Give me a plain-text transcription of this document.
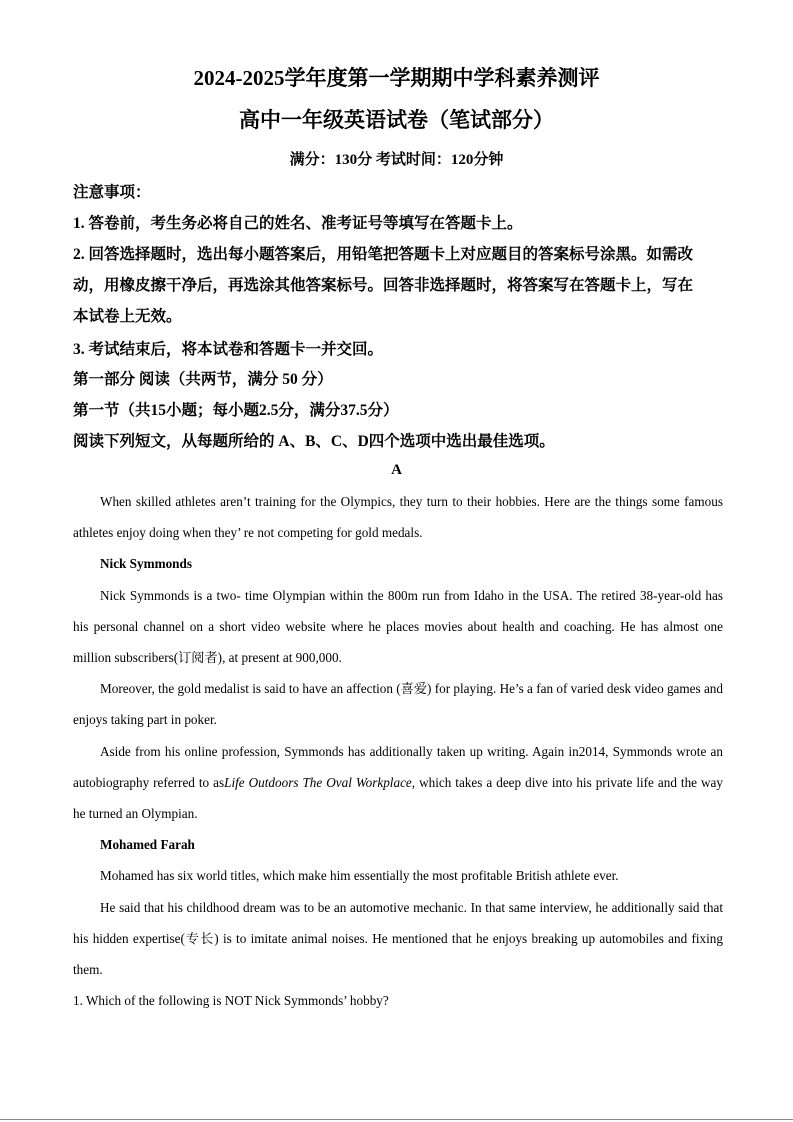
2024-2025学年度第一学期期中学科素养测评
高中一年级英语试卷（笔试部分）
满分：130分 考试时间：120分钟
注意事项：
1. 答卷前，考生务必将自己的姓名、准考证号等填写在答题卡上。
2. 回答选择题时，选出每小题答案后，用铅笔把答题卡上对应题目的答案标号涂黑。如需改
动，用橡皮擦干净后，再选涂其他答案标号。回答非选择题时，将答案写在答题卡上，写在
本试卷上无效。
3. 考试结束后，将本试卷和答题卡一并交回。
第一部分 阅读（共两节，满分 50 分）
第一节（共15小题；每小题2.5分，满分37.5分）
阅读下列短文，从每题所给的 A、B、C、D四个选项中选出最佳选项。
A

When skilled athletes aren’t training for the Olympics, they turn to their hobbies. Here are the things some famous athletes enjoy doing when they’ re not competing for gold medals.

Nick Symmonds

Nick Symmonds is a two- time Olympian within the 800m run from Idaho in the USA. The retired 38-year-old has his personal channel on a short video website where he places movies about health and coaching. He has almost one million subscribers(订阅者), at present at 900,000.

Moreover, the gold medalist is said to have an affection (喜爱) for playing. He’s a fan of varied desk video games and enjoys taking part in poker.

Aside from his online profession, Symmonds has additionally taken up writing. Again in2014, Symmonds wrote an autobiography referred to asLife Outdoors The Oval Workplace, which takes a deep dive into his private life and the way he turned an Olympian.

Mohamed Farah

Mohamed has six world titles, which make him essentially the most profitable British athlete ever.

He said that his childhood dream was to be an automotive mechanic. In that same interview, he additionally said that his hidden expertise(专长) is to imitate animal noises. He mentioned that he enjoys breaking up automobiles and fixing them.

1. Which of the following is NOT Nick Symmonds’ hobby?
